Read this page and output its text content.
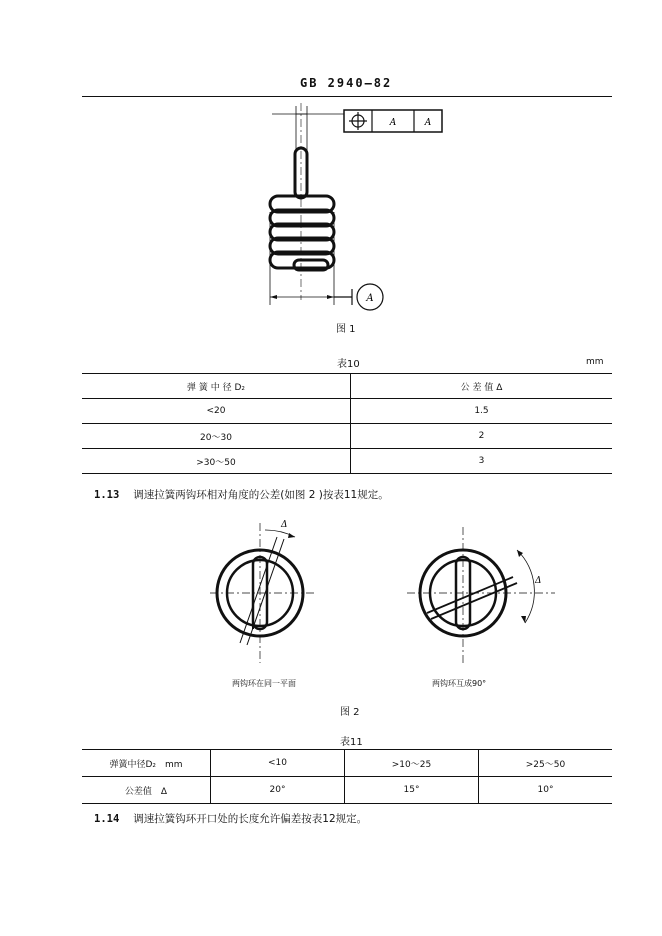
GB 2940—82
A	A
A
图 1
表10	mm
弹 簧 中 径 D₂	公 差 值 Δ
<20	1.5
20～30	2
>30～50	3
1.13 调速拉簧两钩环相对角度的公差(如图 2 )按表11规定。
Δ
Δ
两钩环在同一平面	两钩环互成90°
图 2
表11
弹簧中径D₂　mm	<10	>10～25	>25～50
公差值　Δ	20°	15°	10°
1.14 调速拉簧钩环开口处的长度允许偏差按表12规定。
